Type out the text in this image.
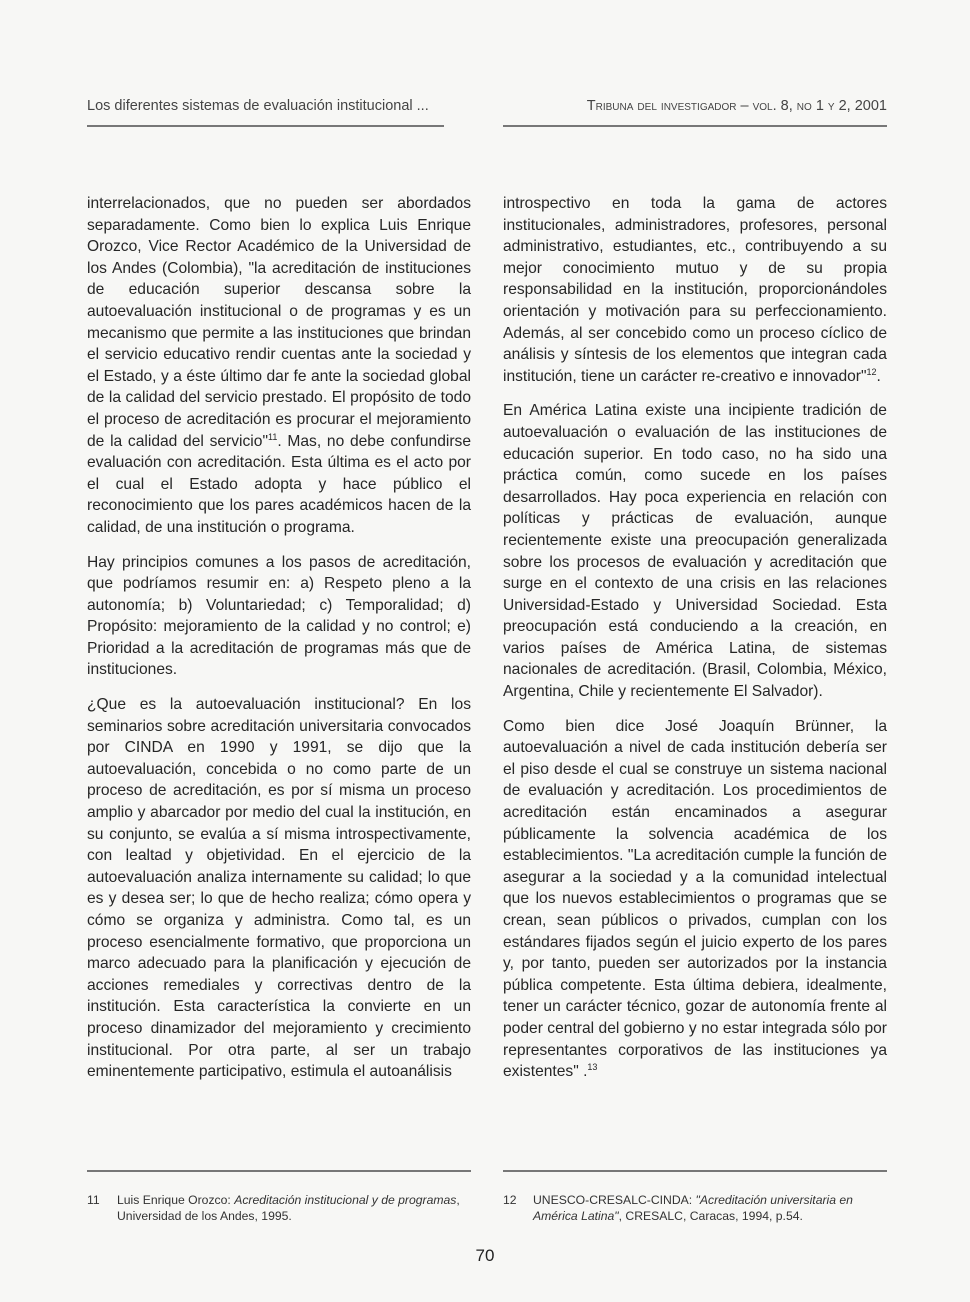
Los diferentes sistemas de evaluación institucional ...	Tribuna del investigador – vol. 8, no 1 y 2, 2001

interrelacionados, que no pueden ser abordados separadamente. Como bien lo explica Luis Enrique Orozco, Vice Rector Académico de la Universidad de los Andes (Colombia), "la acreditación de instituciones de educación superior descansa sobre la autoevaluación institucional o de programas y es un mecanismo que permite a las instituciones que brindan el servicio educativo rendir cuentas ante la sociedad y el Estado, y a éste último dar fe ante la sociedad global de la calidad del servicio prestado. El propósito de todo el proceso de acreditación es procurar el mejoramiento de la calidad del servicio"$^{11}$. Mas, no debe confundirse evaluación con acreditación. Esta última es el acto por el cual el Estado adopta y hace público el reconocimiento que los pares académicos hacen de la calidad, de una institución o programa.

Hay principios comunes a los pasos de acreditación, que podríamos resumir en: a) Respeto pleno a la autonomía; b) Voluntariedad; c) Temporalidad; d) Propósito: mejoramiento de la calidad y no control; e) Prioridad a la acreditación de programas más que de instituciones.

¿Que es la autoevaluación institucional? En los seminarios sobre acreditación universitaria convocados por CINDA en 1990 y 1991, se dijo que la autoevaluación, concebida o no como parte de un proceso de acreditación, es por sí misma un proceso amplio y abarcador por medio del cual la institución, en su conjunto, se evalúa a sí misma introspectivamente, con lealtad y objetividad. En el ejercicio de la autoevaluación analiza internamente su calidad; lo que es y desea ser; lo que de hecho realiza; cómo opera y cómo se organiza y administra. Como tal, es un proceso esencialmente formativo, que proporciona un marco adecuado para la planificación y ejecución de acciones remediales y correctivas dentro de la institución. Esta característica la convierte en un proceso dinamizador del mejoramiento y crecimiento institucional. Por otra parte, al ser un trabajo eminentemente participativo, estimula el autoanálisis

introspectivo en toda la gama de actores institucionales, administradores, profesores, personal administrativo, estudiantes, etc., contribuyendo a su mejor conocimiento mutuo y de su propia responsabilidad en la institución, proporcionándoles orientación y motivación para su perfeccionamiento. Además, al ser concebido como un proceso cíclico de análisis y síntesis de los elementos que integran cada institución, tiene un carácter re-creativo e innovador"$^{12}$.

En América Latina existe una incipiente tradición de autoevaluación o evaluación de las instituciones de educación superior. En todo caso, no ha sido una práctica común, como sucede en los países desarrollados. Hay poca experiencia en relación con políticas y prácticas de evaluación, aunque recientemente existe una preocupación generalizada sobre los procesos de evaluación y acreditación que surge en el contexto de una crisis en las relaciones Universidad-Estado y Universidad Sociedad. Esta preocupación está conduciendo a la creación, en varios países de América Latina, de sistemas nacionales de acreditación. (Brasil, Colombia, México, Argentina, Chile y recientemente El Salvador).

Como bien dice José Joaquín Brünner, la autoevaluación a nivel de cada institución debería ser el piso desde el cual se construye un sistema nacional de evaluación y acreditación. Los procedimientos de acreditación están encaminados a asegurar públicamente la solvencia académica de los establecimientos. "La acreditación cumple la función de asegurar a la sociedad y a la comunidad intelectual que los nuevos establecimientos o programas que se crean, sean públicos o privados, cumplan con los estándares fijados según el juicio experto de los pares y, por tanto, pueden ser autorizados por la instancia pública competente. Esta última debiera, idealmente, tener un carácter técnico, gozar de autonomía frente al poder central del gobierno y no estar integrada sólo por representantes corporativos de las instituciones ya existentes" .$^{13}$

11	Luis Enrique Orozco: Acreditación institucional y de programas, Universidad de los Andes, 1995.
12	UNESCO-CRESALC-CINDA: "Acreditación universitaria en América Latina", CRESALC, Caracas, 1994, p.54.
70
